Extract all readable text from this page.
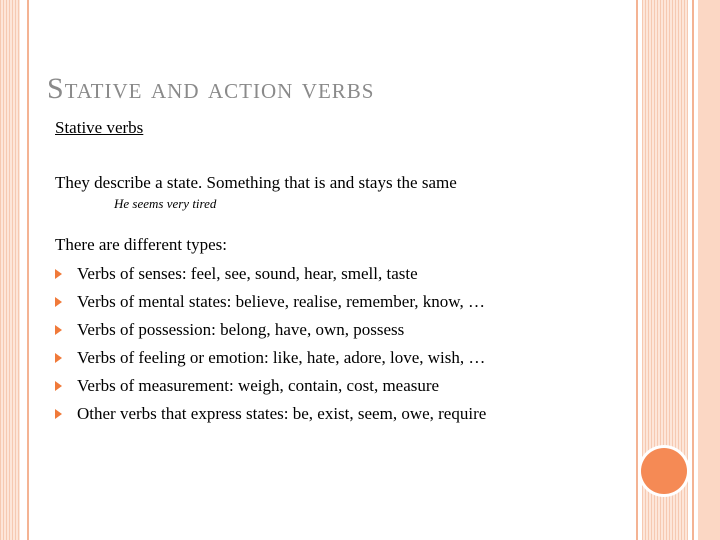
Stative and action verbs

Stative verbs

They describe a state. Something that is and stays the same

He seems very tired

There are different types:

Verbs of senses: feel, see, sound, hear, smell, taste
Verbs of mental states: believe, realise, remember, know, …
Verbs of possession: belong, have, own, possess
Verbs of feeling or emotion: like, hate, adore, love, wish, …
Verbs of measurement: weigh, contain, cost, measure
Other verbs that express states: be, exist, seem, owe, require
